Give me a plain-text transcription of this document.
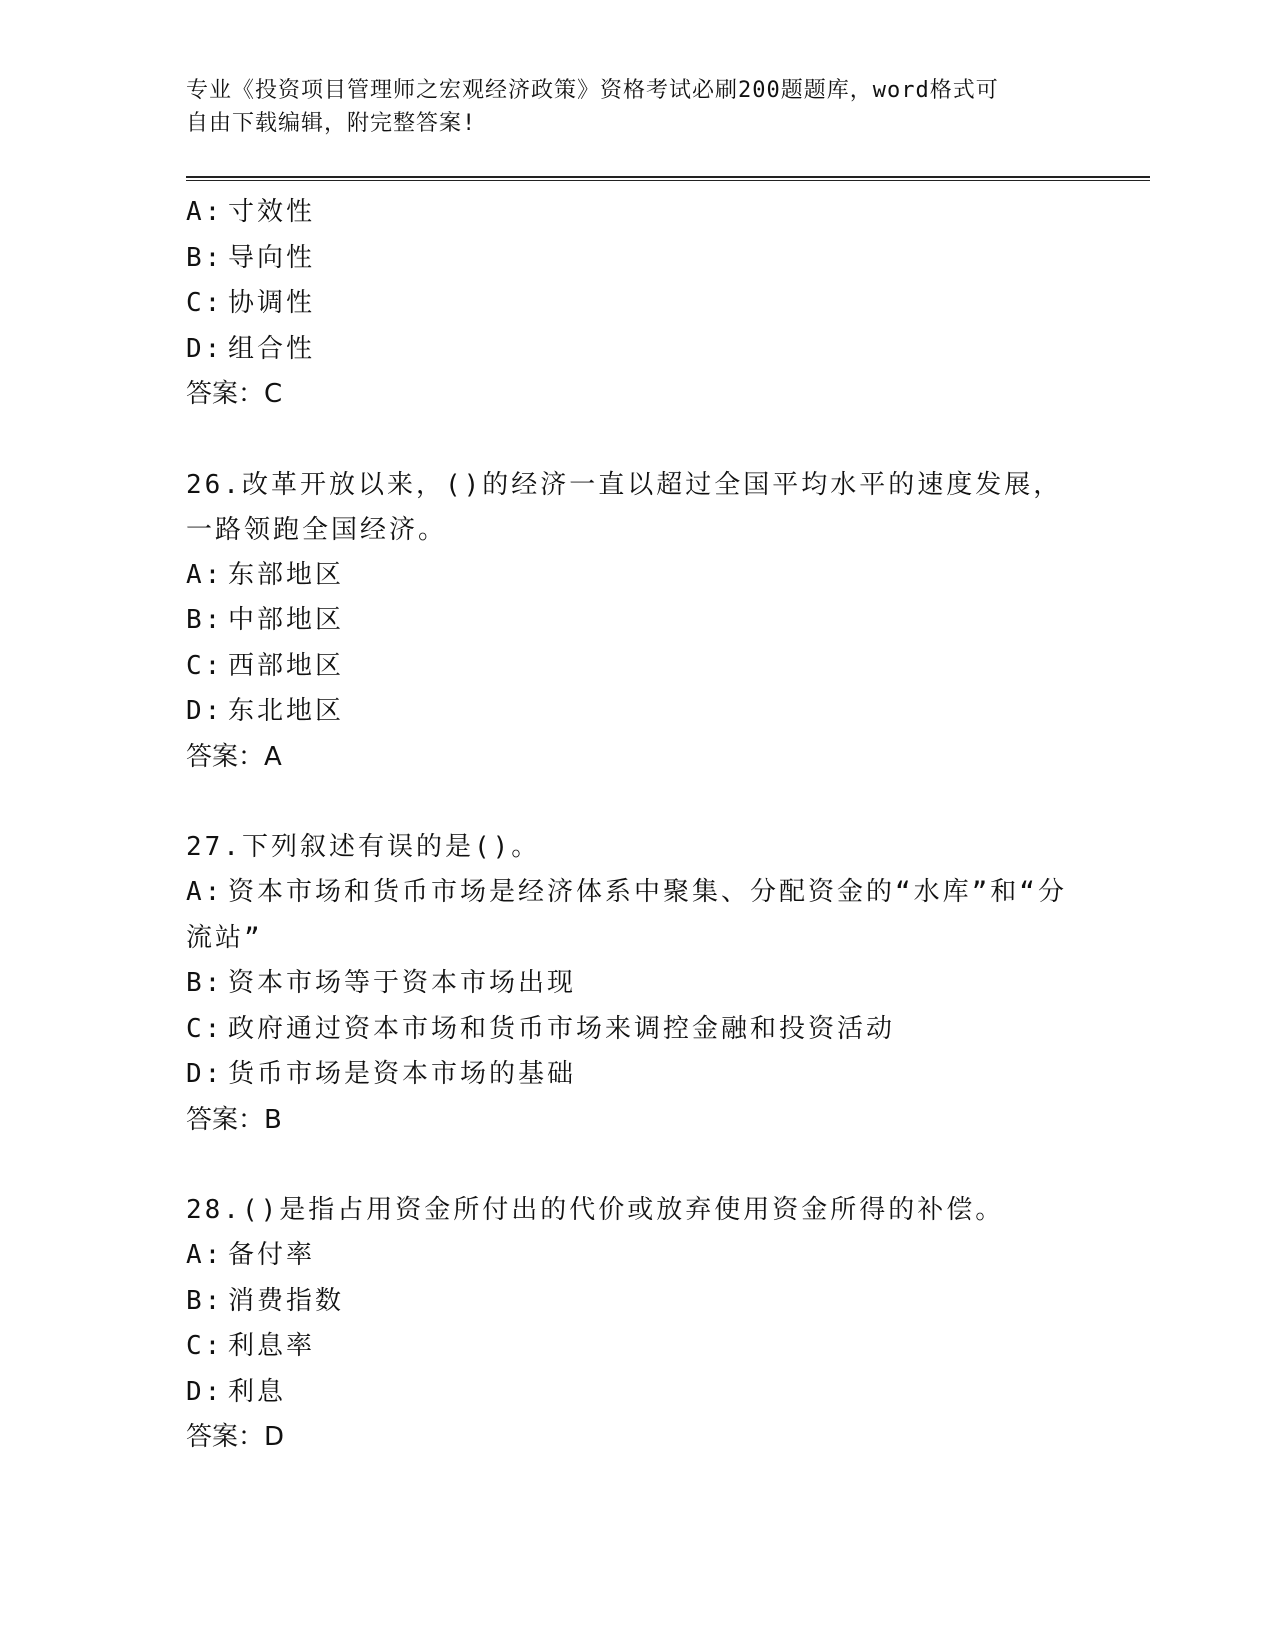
专业《投资项目管理师之宏观经济政策》资格考试必刷200题题库，word格式可
自由下载编辑，附完整答案!
A: 寸效性
B: 导向性
C: 协调性
D: 组合性
答案：C
26.改革开放以来，()的经济一直以超过全国平均水平的速度发展，一路领跑全国经济。
A: 东部地区
B: 中部地区
C: 西部地区
D: 东北地区
答案：A
27.下列叙述有误的是()。
A: 资本市场和货币市场是经济体系中聚集、分配资金的“水库”和“分流站”
B: 资本市场等于资本市场出现
C: 政府通过资本市场和货币市场来调控金融和投资活动
D: 货币市场是资本市场的基础
答案：B
28.()是指占用资金所付出的代价或放弃使用资金所得的补偿。
A: 备付率
B: 消费指数
C: 利息率
D: 利息
答案：D
